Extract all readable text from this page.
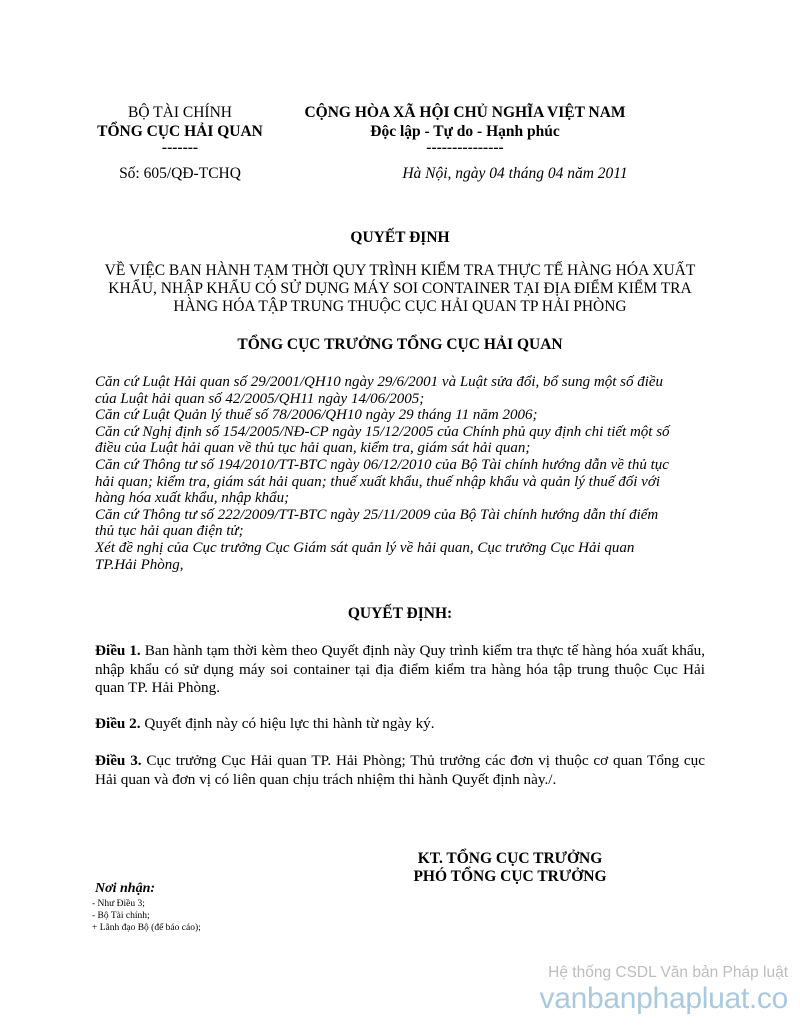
BỘ TÀI CHÍNH
TỔNG CỤC HẢI QUAN
-------
Số: 605/QĐ-TCHQ
CỘNG HÒA XÃ HỘI CHỦ NGHĨA VIỆT NAM
Độc lập - Tự do - Hạnh phúc
---------------
Hà Nội, ngày 04 tháng 04 năm 2011
QUYẾT ĐỊNH
VỀ VIỆC BAN HÀNH TẠM THỜI QUY TRÌNH KIỂM TRA THỰC TẾ HÀNG HÓA XUẤT
KHẨU, NHẬP KHẨU CÓ SỬ DỤNG MÁY SOI CONTAINER TẠI ĐỊA ĐIỂM KIỂM TRA
HÀNG HÓA TẬP TRUNG THUỘC CỤC HẢI QUAN TP HẢI PHÒNG
TỔNG CỤC TRƯỞNG TỔNG CỤC HẢI QUAN
Căn cứ Luật Hải quan số 29/2001/QH10 ngày 29/6/2001 và Luật sửa đổi, bổ sung một số điều
của Luật hải quan số 42/2005/QH11 ngày 14/06/2005;
Căn cứ Luật Quản lý thuế số 78/2006/QH10 ngày 29 tháng 11 năm 2006;
Căn cứ Nghị định số 154/2005/NĐ-CP ngày 15/12/2005 của Chính phủ quy định chi tiết một số
điều của Luật hải quan về thủ tục hải quan, kiểm tra, giám sát hải quan;
Căn cứ Thông tư số 194/2010/TT-BTC ngày 06/12/2010 của Bộ Tài chính hướng dẫn về thủ tục
hải quan; kiểm tra, giám sát hải quan; thuế xuất khẩu, thuế nhập khẩu và quản lý thuế đối với
hàng hóa xuất khẩu, nhập khẩu;
Căn cứ Thông tư số 222/2009/TT-BTC ngày 25/11/2009 của Bộ Tài chính hướng dẫn thí điểm
thủ tục hải quan điện tử;
Xét đề nghị của Cục trưởng Cục Giám sát quản lý về hải quan, Cục trưởng Cục Hải quan
TP.Hải Phòng,
QUYẾT ĐỊNH:
Điều 1. Ban hành tạm thời kèm theo Quyết định này Quy trình kiểm tra thực tế hàng hóa xuất khẩu, nhập khẩu có sử dụng máy soi container tại địa điểm kiểm tra hàng hóa tập trung thuộc Cục Hải quan TP. Hải Phòng.
Điều 2. Quyết định này có hiệu lực thi hành từ ngày ký.
Điều 3. Cục trưởng Cục Hải quan TP. Hải Phòng; Thủ trưởng các đơn vị thuộc cơ quan Tổng cục Hải quan và đơn vị có liên quan chịu trách nhiệm thi hành Quyết định này./.
KT. TỔNG CỤC TRƯỞNG
PHÓ TỔNG CỤC TRƯỞNG
Nơi nhận:
- Như Điều 3;
- Bộ Tài chính;
+ Lãnh đạo Bộ (để báo cáo);
Hệ thống CSDL Văn bản Pháp luật
vanbanphapluat.co
